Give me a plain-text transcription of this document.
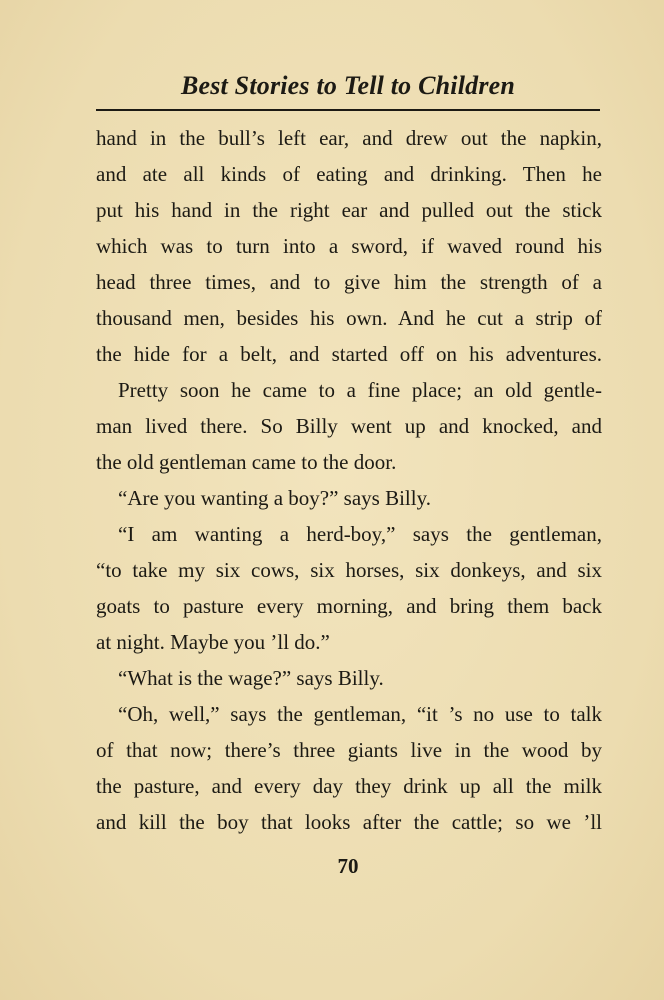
Best Stories to Tell to Children
hand in the bull’s left ear, and drew out the napkin,
and ate all kinds of eating and drinking. Then he
put his hand in the right ear and pulled out the stick
which was to turn into a sword, if waved round his
head three times, and to give him the strength of a
thousand men, besides his own. And he cut a strip of
the hide for a belt, and started off on his adventures.
Pretty soon he came to a fine place; an old gentle-
man lived there. So Billy went up and knocked, and
the old gentleman came to the door.
“Are you wanting a boy?” says Billy.
“I am wanting a herd-boy,” says the gentleman,
“to take my six cows, six horses, six donkeys, and six
goats to pasture every morning, and bring them back
at night. Maybe you ’ll do.”
“What is the wage?” says Billy.
“Oh, well,” says the gentleman, “it ’s no use to talk
of that now; there’s three giants live in the wood by
the pasture, and every day they drink up all the milk
and kill the boy that looks after the cattle; so we ’ll
70
